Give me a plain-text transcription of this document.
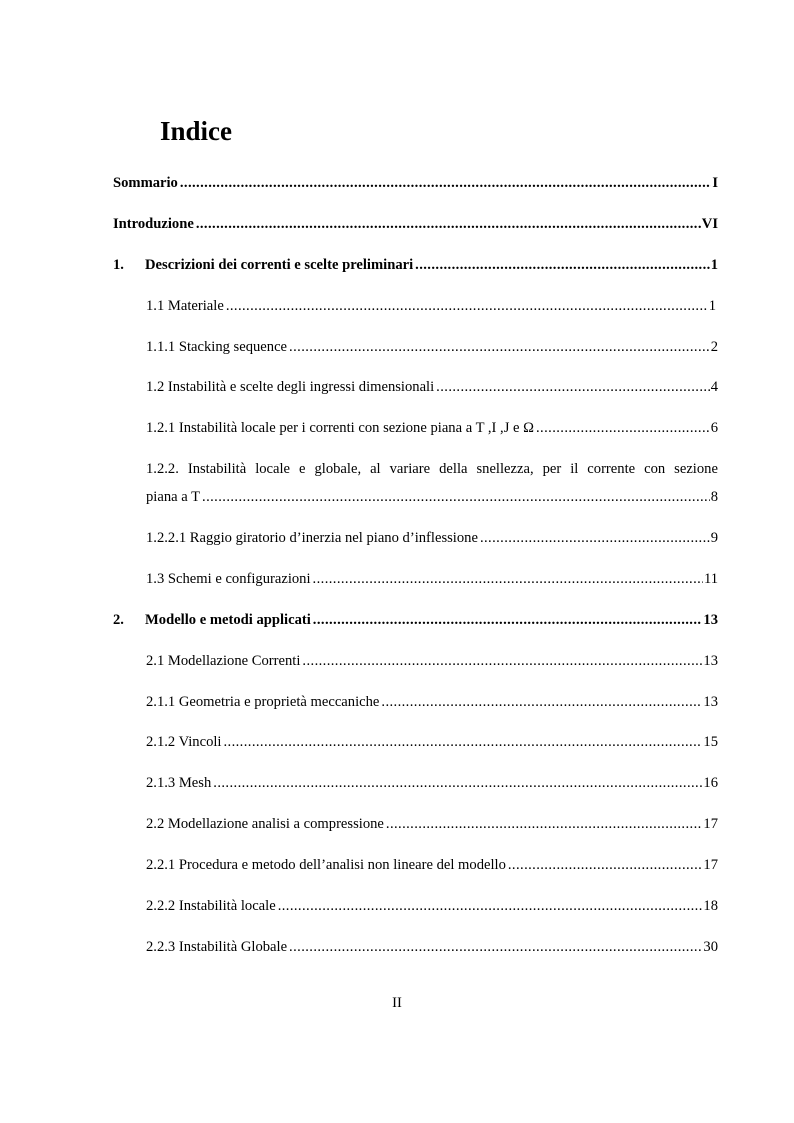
Indice
Sommario .....	I
Introduzione .....	VI
1. Descrizioni dei correnti e scelte preliminari .....	1
1.1 Materiale .....	1
1.1.1 Stacking sequence .....	2
1.2 Instabilità e scelte degli ingressi dimensionali .....	4
1.2.1 Instabilità locale per i correnti con sezione piana a T ,I ,J e Ω .....	6
1.2.2. Instabilità locale e globale, al variare della snellezza, per il corrente con sezione
piana a T .....	8
1.2.2.1 Raggio giratorio d’inerzia nel piano d’inflessione .....	9
1.3 Schemi e configurazioni .....	11
2. Modello e metodi applicati .....	13
2.1 Modellazione Correnti .....	13
2.1.1 Geometria e proprietà meccaniche .....	13
2.1.2 Vincoli .....	15
2.1.3 Mesh .....	16
2.2 Modellazione analisi a compressione .....	17
2.2.1 Procedura e metodo dell’analisi non lineare del modello .....	17
2.2.2 Instabilità locale .....	18
2.2.3 Instabilità Globale .....	30
II
